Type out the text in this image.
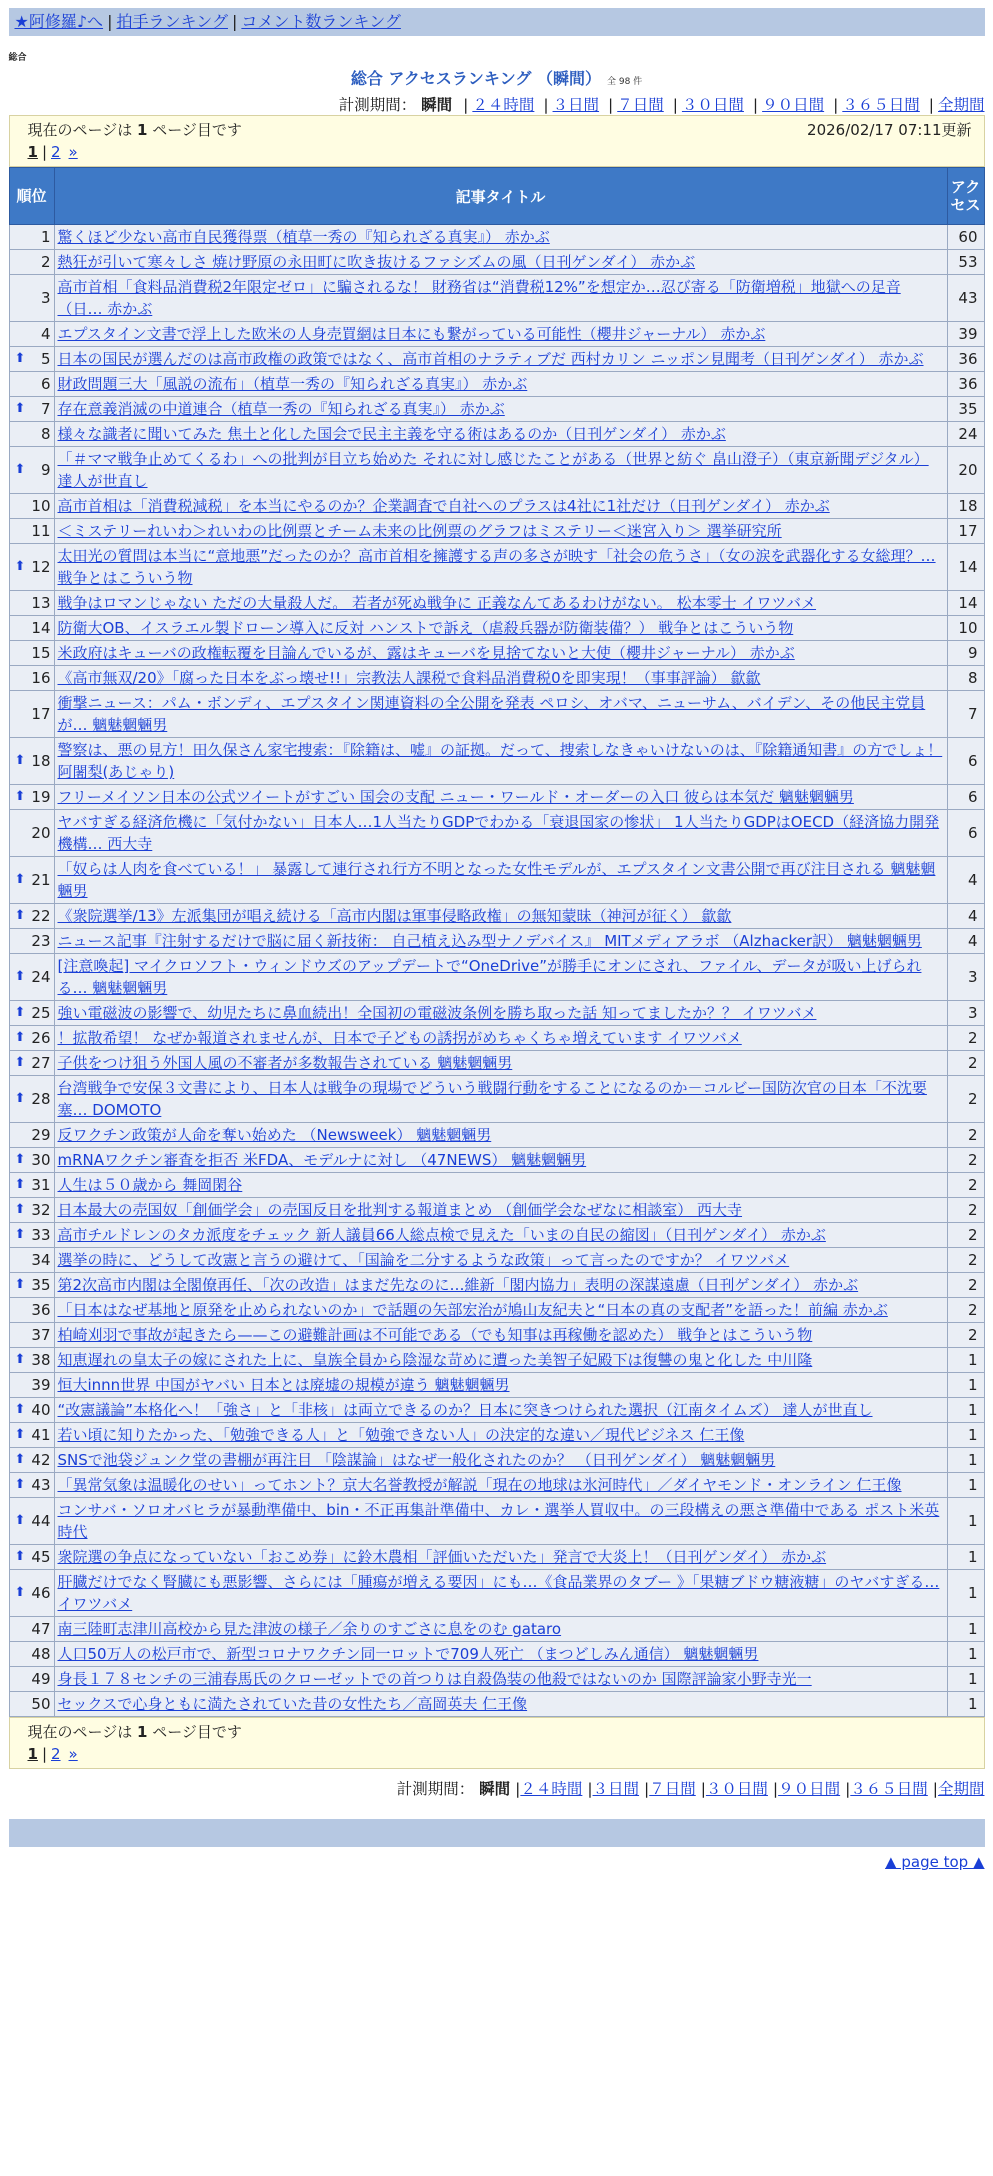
★阿修羅♪へ | 拍手ランキング | コメント数ランキング
総合
総合 アクセスランキング （瞬間） 全 98 件
計測期間： 瞬間 | ２４時間 | ３日間 | ７日間 | ３０日間 | ９０日間 | ３６５日間 | 全期間
現在のページは 1 ページ目です	2026/02/17 07:11更新
1 | 2 »
順位	記事タイトル	アクセス
1	驚くほど少ない高市自民獲得票（植草一秀の『知られざる真実』） 赤かぶ	60
2	熱狂が引いて寒々しさ 焼け野原の永田町に吹き抜けるファシズムの風（日刊ゲンダイ） 赤かぶ	53
3	高市首相「食料品消費税2年限定ゼロ」に騙されるな！ 財務省は“消費税12%”を想定か…忍び寄る「防衛増税」地獄への足音（日… 赤かぶ	43
4	エプスタイン文書で浮上した欧米の人身売買網は日本にも繋がっている可能性（櫻井ジャーナル） 赤かぶ	39

⬆ 5	日本の国民が選んだのは高市政権の政策ではなく、高市首相のナラティブだ 西村カリン ニッポン見聞考（日刊ゲンダイ） 赤かぶ	36
6	財政問題三大「風説の流布」（植草一秀の『知られざる真実』） 赤かぶ	36

⬆ 7	存在意義消滅の中道連合（植草一秀の『知られざる真実』） 赤かぶ	35
8	様々な識者に聞いてみた 焦土と化した国会で民主主義を守る術はあるのか（日刊ゲンダイ） 赤かぶ	24

⬆ 9	「＃ママ戦争止めてくるわ」への批判が目立ち始めた それに対し感じたことがある（世界と紡ぐ 畠山澄子）（東京新聞デジタル） 達人が世直し	20
10	高市首相は「消費税減税」を本当にやるのか？企業調査で自社へのプラスは4社に1社だけ（日刊ゲンダイ） 赤かぶ	18
11	＜ミステリーれいわ＞れいわの比例票とチーム未来の比例票のグラフはミステリー＜迷宮入り＞ 選挙研究所	17

⬆ 12	太田光の質問は本当に“意地悪”だったのか？高市首相を擁護する声の多さが映す「社会の危うさ」（女の涙を武器化する女総理？… 戦争とはこういう物	14
13	戦争はロマンじゃない ただの大量殺人だ。 若者が死ぬ戦争に 正義なんてあるわけがない。 松本零士 イワツバメ	14
14	防衛大OB、イスラエル製ドローン導入に反対 ハンストで訴え（虐殺兵器が防衛装備？） 戦争とはこういう物	10
15	米政府はキューバの政権転覆を目論んでいるが、露はキューバを見捨てないと大使（櫻井ジャーナル） 赤かぶ	9
16	《高市無双/20》「腐った日本をぶっ壊せ!!」宗教法人課税で食料品消費税0を即実現！（事事評論） 歙歙	8
17	衝撃ニュース：パム・ボンディ、エプスタイン関連資料の全公開を発表 ペロシ、オバマ、ニューサム、バイデン、その他民主党員が… 魑魅魍魎男	7

⬆ 18	警察は、悪の見方！田久保さん家宅捜索：『除籍は、嘘』の証拠。だって、捜索しなきゃいけないのは、『除籍通知書』の方でしょ！ 阿闍梨(あじゃり)	6

⬆ 19	フリーメイソン日本の公式ツイートがすごい 国会の支配 ニュー・ワールド・オーダーの入口 彼らは本気だ 魑魅魍魎男	6
20	ヤバすぎる経済危機に「気付かない」日本人…1人当たりGDPでわかる「衰退国家の惨状」 1人当たりGDPはOECD（経済協力開発機構… 西大寺	6

⬆ 21	「奴らは人肉を食べている！」 暴露して連行され行方不明となった女性モデルが、エプスタイン文書公開で再び注目される 魑魅魍魎男	4

⬆ 22	《衆院選挙/13》左派集団が唱え続ける「高市内閣は軍事侵略政権」の無知蒙昧（神河が征く） 歙歙	4
23	ニュース記事『注射するだけで脳に届く新技術： 自己植え込み型ナノデバイス』 MITメディアラボ （Alzhacker訳） 魑魅魍魎男	4

⬆ 24	[注意喚起] マイクロソフト・ウィンドウズのアップデートで“OneDrive”が勝手にオンにされ、ファイル、データが吸い上げられる… 魑魅魍魎男	3

⬆ 25	強い電磁波の影響で、幼児たちに鼻血続出！全国初の電磁波条例を勝ち取った話 知ってましたか？？ イワツバメ	3

⬆ 26	！拡散希望！ なぜか報道されませんが、日本で子どもの誘拐がめちゃくちゃ増えています イワツバメ	2

⬆ 27	子供をつけ狙う外国人風の不審者が多数報告されている 魑魅魍魎男	2

⬆ 28	台湾戦争で安保３文書により、日本人は戦争の現場でどういう戦闘行動をすることになるのか－コルビー国防次官の日本「不沈要塞… DOMOTO	2
29	反ワクチン政策が人命を奪い始めた （Newsweek） 魑魅魍魎男	2

⬆ 30	mRNAワクチン審査を拒否 米FDA、モデルナに対し （47NEWS） 魑魅魍魎男	2

⬆ 31	人生は５０歳から 舞岡閑谷	2

⬆ 32	日本最大の売国奴「創価学会」の売国反日を批判する報道まとめ （創価学会なぜなに相談室） 西大寺	2

⬆ 33	高市チルドレンのタカ派度をチェック 新人議員66人総点検で見えた「いまの自民の縮図」（日刊ゲンダイ） 赤かぶ	2
34	選挙の時に、どうして改憲と言うの避けて、「国論を二分するような政策」って言ったのですか？ イワツバメ	2

⬆ 35	第2次高市内閣は全閣僚再任、「次の改造」はまだ先なのに…維新「閣内協力」表明の深謀遠慮（日刊ゲンダイ） 赤かぶ	2
36	「日本はなぜ基地と原発を止められないのか」で話題の矢部宏治が鳩山友紀夫と“日本の真の支配者”を語った！前編 赤かぶ	2
37	柏崎刈羽で事故が起きたら——この避難計画は不可能である（でも知事は再稼働を認めた） 戦争とはこういう物	2

⬆ 38	知恵遅れの皇太子の嫁にされた上に、皇族全員から陰湿な苛めに遭った美智子妃殿下は復讐の鬼と化した 中川隆	1
39	恒大innn世界 中国がヤバい 日本とは廃墟の規模が違う 魑魅魍魎男	1

⬆ 40	“改憲議論”本格化へ！「強さ」と「非核」は両立できるのか？日本に突きつけられた選択（江南タイムズ） 達人が世直し	1

⬆ 41	若い頃に知りたかった、「勉強できる人」と「勉強できない人」の決定的な違い／現代ビジネス 仁王像	1

⬆ 42	SNSで池袋ジュンク堂の書棚が再注目 「陰謀論」はなぜ一般化されたのか？ （日刊ゲンダイ） 魑魅魍魎男	1

⬆ 43	「異常気象は温暖化のせい」ってホント？京大名誉教授が解説「現在の地球は氷河時代」／ダイヤモンド・オンライン 仁王像	1

⬆ 44	コンサバ・ソロオバヒラが暴動準備中、bin・不正再集計準備中、カレ・選挙人買収中。の三段構えの悪さ準備中である ポスト米英時代	1

⬆ 45	衆院選の争点になっていない「おこめ券」に鈴木農相「評価いただいた」発言で大炎上！（日刊ゲンダイ） 赤かぶ	1

⬆ 46	肝臓だけでなく腎臓にも悪影響、さらには「腫瘍が増える要因」にも…《食品業界のタブー 》「果糖ブドウ糖液糖」のヤバすぎる… イワツバメ	1
47	南三陸町志津川高校から見た津波の様子／余りのすごさに息をのむ gataro	1
48	人口50万人の松戸市で、新型コロナワクチン同一ロットで709人死亡 （まつどしみん通信） 魑魅魍魎男	1
49	身長１７８センチの三浦春馬氏のクローゼットでの首つりは自殺偽装の他殺ではないのか 国際評論家小野寺光一	1
50	セックスで心身ともに満たされていた昔の女性たち／高岡英夫 仁王像	1
現在のページは 1 ページ目です
1 | 2 »
計測期間： 瞬間 |２４時間 |３日間 |７日間 |３０日間 |９０日間 |３６５日間 |全期間
▲ page top ▲
